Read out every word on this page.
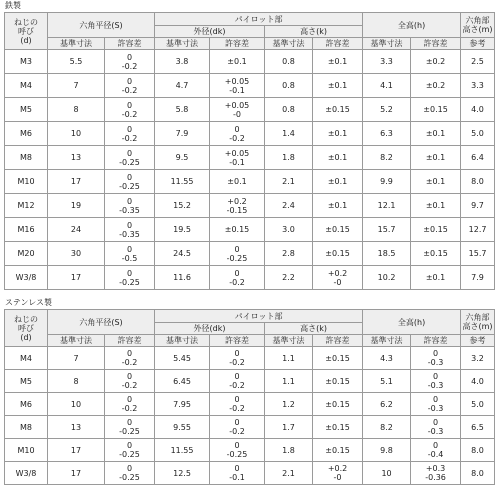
鉄製
ねじの
呼び
(d)	六角平径(S)		パイロット部				全高(h)		六角部
高さ(m)

			外径(dk)		高さ(k)				
	基準寸法	許容差	基準寸法	許容差	基準寸法	許容差	基準寸法	許容差	参考
M3	5.5	0
-0.2	3.8	±0.1	0.8	±0.1	3.3	±0.2	2.5
M4	7	0
-0.2	4.7	+0.05
-0.1	0.8	±0.1	4.1	±0.2	3.3
M5	8	0
-0.2	5.8	+0.05
-0	0.8	±0.15	5.2	±0.15	4.0
M6	10	0
-0.2	7.9	0
-0.2	1.4	±0.1	6.3	±0.1	5.0
M8	13	0
-0.25	9.5	+0.05
-0.1	1.8	±0.1	8.2	±0.1	6.4
M10	17	0
-0.25	11.55	±0.1	2.1	±0.1	9.9	±0.1	8.0
M12	19	0
-0.35	15.2	+0.2
-0.15	2.4	±0.1	12.1	±0.1	9.7
M16	24	0
-0.35	19.5	±0.15	3.0	±0.15	15.7	±0.15	12.7
M20	30	0
-0.5	24.5	0
-0.25	2.8	±0.15	18.5	±0.15	15.7
W3/8	17	0
-0.25	11.6	0
-0.2	2.2	+0.2
-0	10.2	±0.1	7.9
ステンレス製
ねじの
呼び
(d)	六角平径(S)		パイロット部				全高(h)		六角部
高さ(m)

			外径(dk)		高さ(k)				
	基準寸法	許容差	基準寸法	許容差	基準寸法	許容差	基準寸法	許容差	参考
M4	7	0
-0.2	5.45	0
-0.2	1.1	±0.15	4.3	0
-0.3	3.2
M5	8	0
-0.2	6.45	0
-0.2	1.1	±0.15	5.1	0
-0.3	4.0
M6	10	0
-0.2	7.95	0
-0.2	1.2	±0.15	6.2	0
-0.3	5.0
M8	13	0
-0.25	9.55	0
-0.2	1.7	±0.15	8.2	0
-0.3	6.5
M10	17	0
-0.25	11.55	0
-0.25	1.8	±0.15	9.8	0
-0.4	8.0
W3/8	17	0
-0.25	12.5	0
-0.1	2.1	+0.2
-0	10	+0.3
-0.36	8.0
